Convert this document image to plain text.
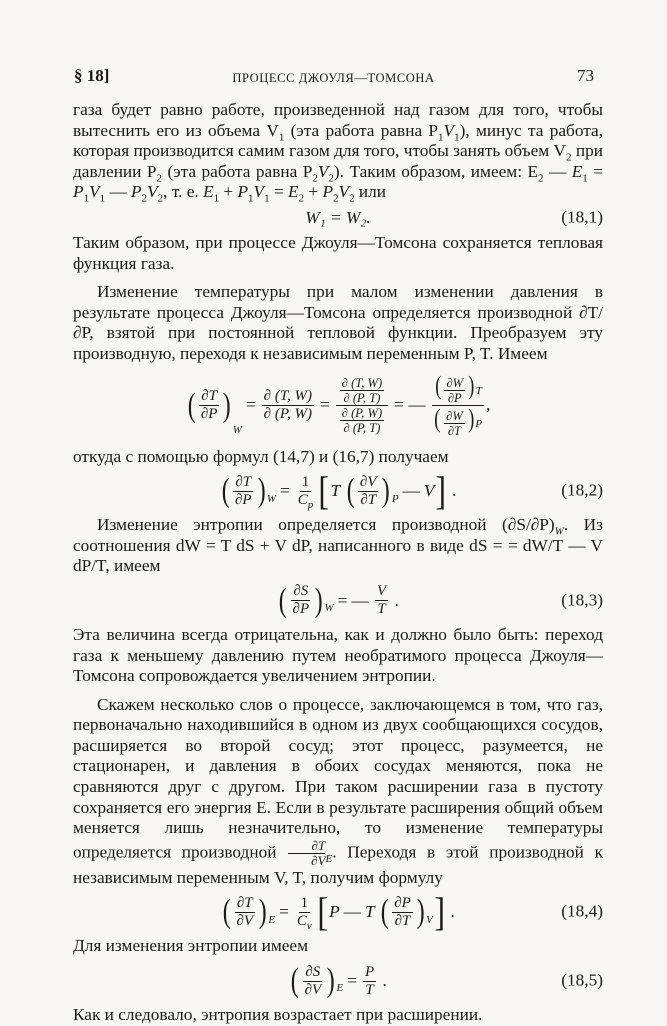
§ 18]	ПРОЦЕСС ДЖОУЛЯ—ТОМСОНА	73

газа будет равно работе, произведенной над газом для того, чтобы вытеснить его из объема $V_1$ (эта работа равна $P_1V_1$), минус та работа, которая производится самим газом для того, чтобы занять объем $V_2$ при давлении $P_2$ (эта работа равна $P_2V_2$). Таким образом, имеем: $E_2$ — $E_1 = P_1V_1$ — $P_2V_2$, т. е. $E_1 + P_1V_1 = E_2 + P_2V_2$ или

W₁ = W₂.	(18,1)

Таким образом, при процессе Джоуля—Томсона сохраняется тепловая функция газа.

Изменение температуры при малом изменении давления в результате процесса Джоуля—Томсона определяется производной ∂T/∂P, взятой при постоянной тепловой функции. Преобразуем эту производную, переходя к независимым переменным P, T. Имеем

( $\frac{\partial T}{\partial P}$ )
W
= $\frac{\partial (T, W)}{\partial (P, W)} = \frac{\frac{\partial (T, W)}{\partial (P, T)}}{\frac{\partial (P, W)}{\partial (P, T)}}$ = — $\frac{( \frac{\partial W}{\partial P} )T}{( \frac{\partial W}{\partial T} )P}$ ,

откуда с помощью формул (14,7) и (16,7) получаем

( $\frac{\partial T}{\partial P}$ ) $W = \frac{1}{C_p}$ [ T
( $\frac{\partial V}{\partial T}$ ) P — V ] .	(18,2)

Изменение энтропии определяется производной $(\partial S/\partial P)_W$. Из соотношения dW = T dS + V dP, написанного в виде dS = = dW/T — V dP/T, имеем

( $\frac{\partial S}{\partial P}$ ) W = — $\frac{V}{T}$ .	(18,3)

Эта величина всегда отрицательна, как и должно было быть: переход газа к меньшему давлению путем необратимого процесса Джоуля—Томсона сопровождается увеличением энтропии.

Скажем несколько слов о процессе, заключающемся в том, что газ, первоначально находившийся в одном из двух сообщающихся сосудов, расширяется во второй сосуд; этот процесс, разумеется, не стационарен, и давления в обоих сосудах меняются, пока не сравняются друг с другом. При таком расширении газа в пустоту сохраняется его энергия E. Если в результате расширения общий объем меняется лишь незначительно, то изменение температуры определяется производной $\frac{\partial T}{\partial V} _E$. Переходя в этой производной к независимым переменным V, T, получим формулу

( $\frac{\partial T}{\partial V}$ ) $E = \frac{1}{C_v}$ [ P — T
( $\frac{\partial P}{\partial T}$ ) V ] .	(18,4)

Для изменения энтропии имеем

( $\frac{\partial S}{\partial V}$ ) $E = \frac{P}{T}$ .	(18,5)

Как и следовало, энтропия возрастает при расширении.
